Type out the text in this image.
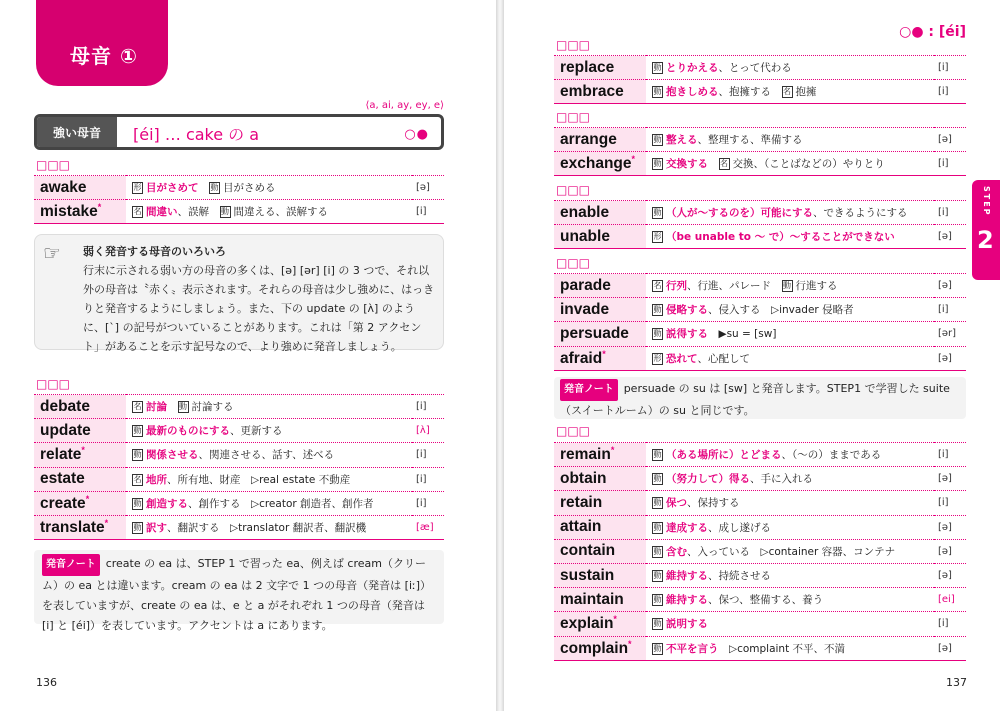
母音 ①
⟨a, ai, ay, ey, e⟩
強い母音	[éi] … cake の a	○●
□□□
awake	形 目がさめて　 動 目がさめる	[ə]
mistake*	名 間違い、誤解　 動 間違える、誤解する	[i]
☞ 弱く発音する母音のいろいろ
行末に示される弱い方の母音の多くは、[ə] [ər] [i] の 3 つで、それ以外の母音は〝赤く〟表示されます。それらの母音は少し強めに、はっきりと発音するようにしましょう。また、下の update の [ʌ̀] のように、[ˋ] の記号がついていることがあります。これは「第 2 アクセント」があることを示す記号なので、より強めに発音しましょう。
□□□
debate	名 討論　 動 討論する	[i]
update	動 最新のものにする、更新する	[ʌ̀]
relate*	動 関係させる、関連させる、話す、述べる	[i]
estate	名 地所、所有地、財産　▷real estate 不動産	[i]
create*	動 創造する、創作する　▷creator 創造者、創作者	[i]
translate*	動 訳す、翻訳する　▷translator 翻訳者、翻訳機	[æ]
発音ノート create の ea は、STEP 1 で習った ea、例えば cream（クリーム）の ea とは違います。cream の ea は 2 文字で 1 つの母音（発音は [iː]）を表していますが、create の ea は、e と a がそれぞれ 1 つの母音（発音は [i] と [éi]）を表しています。アクセントは a にあります。
136
○● : [éi]
□□□
replace	動 とりかえる、とって代わる	[i]
embrace	動 抱きしめる、抱擁する　 名 抱擁	[i]
□□□
arrange	動 整える、整理する、準備する	[ə]
exchange*	動 交換する　 名 交換、（ことばなどの）やりとり	[i]
□□□
enable	動 （人が～するのを）可能にする、できるようにする	[i]
unable	形 （be unable to ～ で）～することができない	[ə]
□□□
parade	名 行列、行進、パレード　 動 行進する	[ə]
invade	動 侵略する、侵入する　▷invader 侵略者	[i]
persuade	動 説得する　▶su = [sw]	[ər]
afraid*	形 恐れて、心配して	[ə]
発音ノート persuade の su は [sw] と発音します。STEP1 で学習した suite（スイートルーム）の su と同じです。
□□□
remain*	動 （ある場所に）とどまる、（～の）ままである	[i]
obtain	動 （努力して）得る、手に入れる	[ə]
retain	動 保つ、保持する	[i]
attain	動 達成する、成し遂げる	[ə]
contain	動 含む、入っている　▷container 容器、コンテナ	[ə]
sustain	動 維持する、持続させる	[ə]
maintain	動 維持する、保つ、整備する、養う	[ei]
explain*	動 説明する	[i]
complain*	動 不平を言う　▷complaint 不平、不満	[ə]
STEP
2
137
